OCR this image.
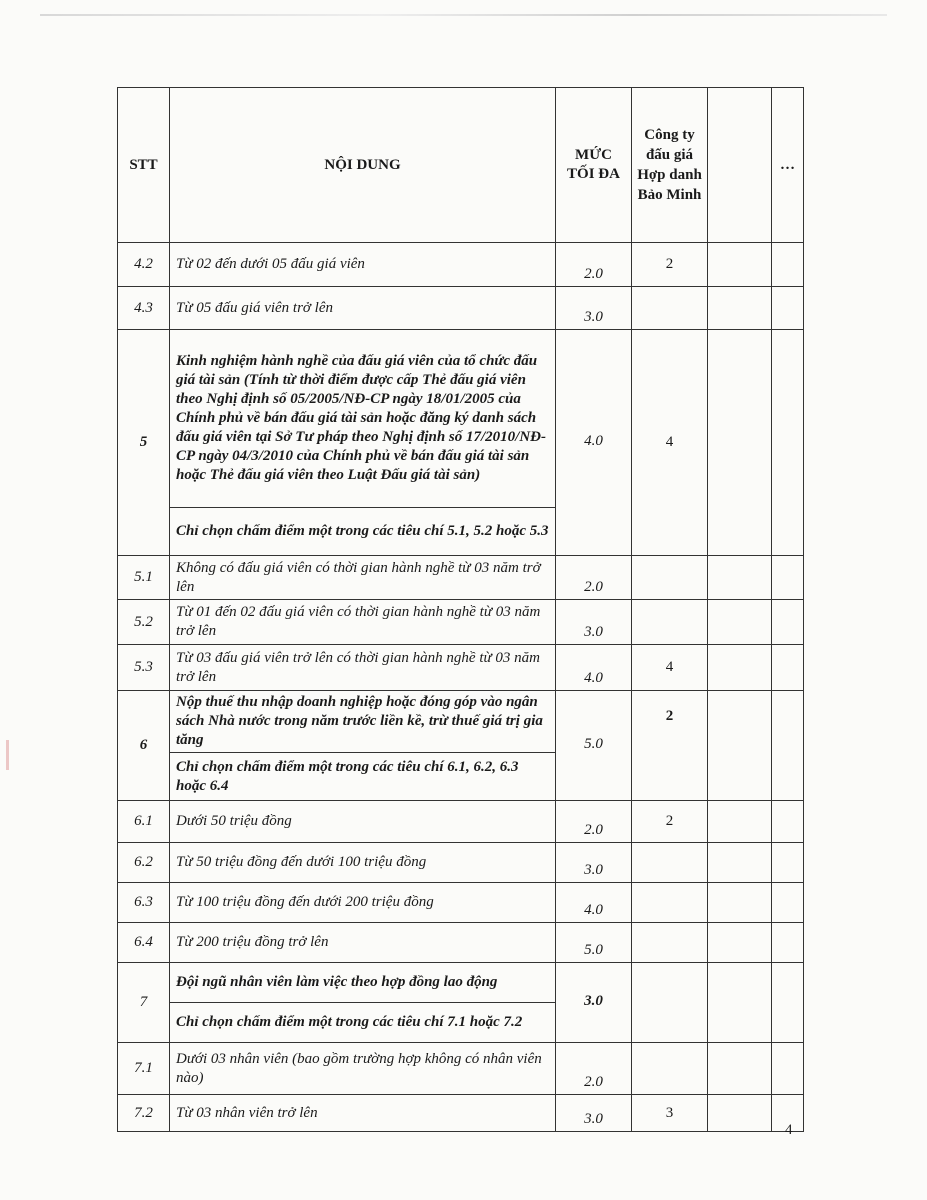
STT	NỘI DUNG	MỨC TỐI ĐA	Công ty đấu giá Hợp danh Bảo Minh		…
4.2	Từ 02 đến dưới 05 đấu giá viên	2.0	2		
4.3	Từ 05 đấu giá viên trở lên	3.0			
5	Kinh nghiệm hành nghề của đấu giá viên của tổ chức đấu giá tài sản (Tính từ thời điểm được cấp Thẻ đấu giá viên theo Nghị định số 05/2005/NĐ-CP ngày 18/01/2005 của Chính phủ về bán đấu giá tài sản hoặc đăng ký danh sách đấu giá viên tại Sở Tư pháp theo Nghị định số 17/2010/NĐ-CP ngày 04/3/2010 của Chính phủ về bán đấu giá tài sản hoặc Thẻ đấu giá viên theo Luật Đấu giá tài sản)	4.0	4		
	Chỉ chọn chấm điểm một trong các tiêu chí 5.1, 5.2 hoặc 5.3				
5.1	Không có đấu giá viên có thời gian hành nghề từ 03 năm trở lên	2.0			
5.2	Từ 01 đến 02 đấu giá viên có thời gian hành nghề từ 03 năm trở lên	3.0			
5.3	Từ 03 đấu giá viên trở lên có thời gian hành nghề từ 03 năm trở lên	4.0	4		
6	Nộp thuế thu nhập doanh nghiệp hoặc đóng góp vào ngân sách Nhà nước trong năm trước liền kề, trừ thuế giá trị gia tăng	5.0	2		
	Chỉ chọn chấm điểm một trong các tiêu chí 6.1, 6.2, 6.3 hoặc 6.4				
6.1	Dưới 50 triệu đồng	2.0	2		
6.2	Từ 50 triệu đồng đến dưới 100 triệu đồng	3.0			
6.3	Từ 100 triệu đồng đến dưới 200 triệu đồng	4.0			
6.4	Từ 200 triệu đồng trở lên	5.0			
7	Đội ngũ nhân viên làm việc theo hợp đồng lao động	3.0			
	Chỉ chọn chấm điểm một trong các tiêu chí 7.1 hoặc 7.2				
7.1	Dưới 03 nhân viên (bao gồm trường hợp không có nhân viên nào)	2.0			
7.2	Từ 03 nhân viên trở lên	3.0	3		
4
